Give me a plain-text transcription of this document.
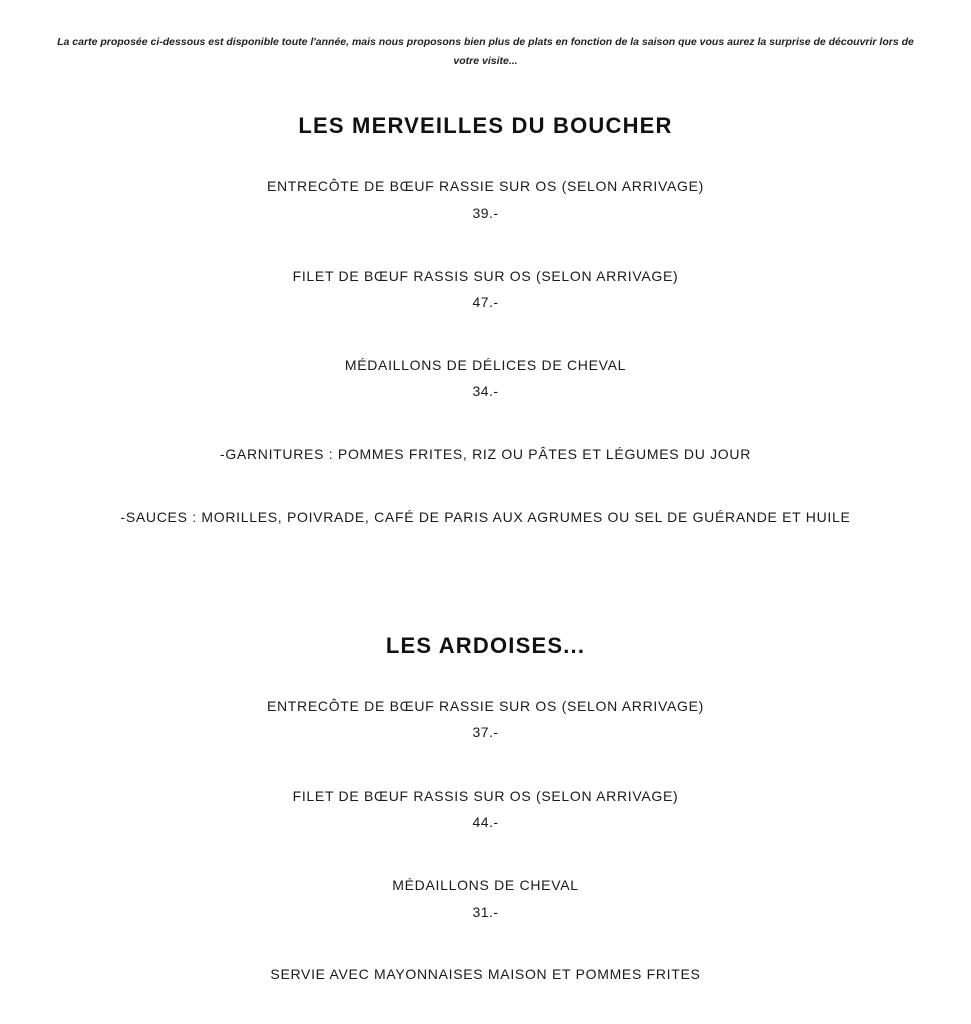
La carte proposée ci-dessous est disponible toute l'année, mais nous proposons bien plus de plats en fonction de la saison que vous aurez la surprise de découvrir lors de votre visite...
LES MERVEILLES DU BOUCHER
ENTRECÔTE DE BŒUF RASSIE SUR OS (SELON ARRIVAGE)
39.-
FILET DE BŒUF RASSIS SUR OS (SELON ARRIVAGE)
47.-
MÉDAILLONS DE DÉLICES DE CHEVAL
34.-
-GARNITURES : POMMES FRITES, RIZ OU PÂTES ET LÉGUMES DU JOUR
-SAUCES : MORILLES, POIVRADE, CAFÉ DE PARIS AUX AGRUMES OU SEL DE GUÉRANDE ET HUILE
LES ARDOISES...
ENTRECÔTE DE BŒUF RASSIE SUR OS (SELON ARRIVAGE)
37.-
FILET DE BŒUF RASSIS SUR OS (SELON ARRIVAGE)
44.-
MÉDAILLONS DE CHEVAL
31.-
SERVIE AVEC MAYONNAISES MAISON ET POMMES FRITES
